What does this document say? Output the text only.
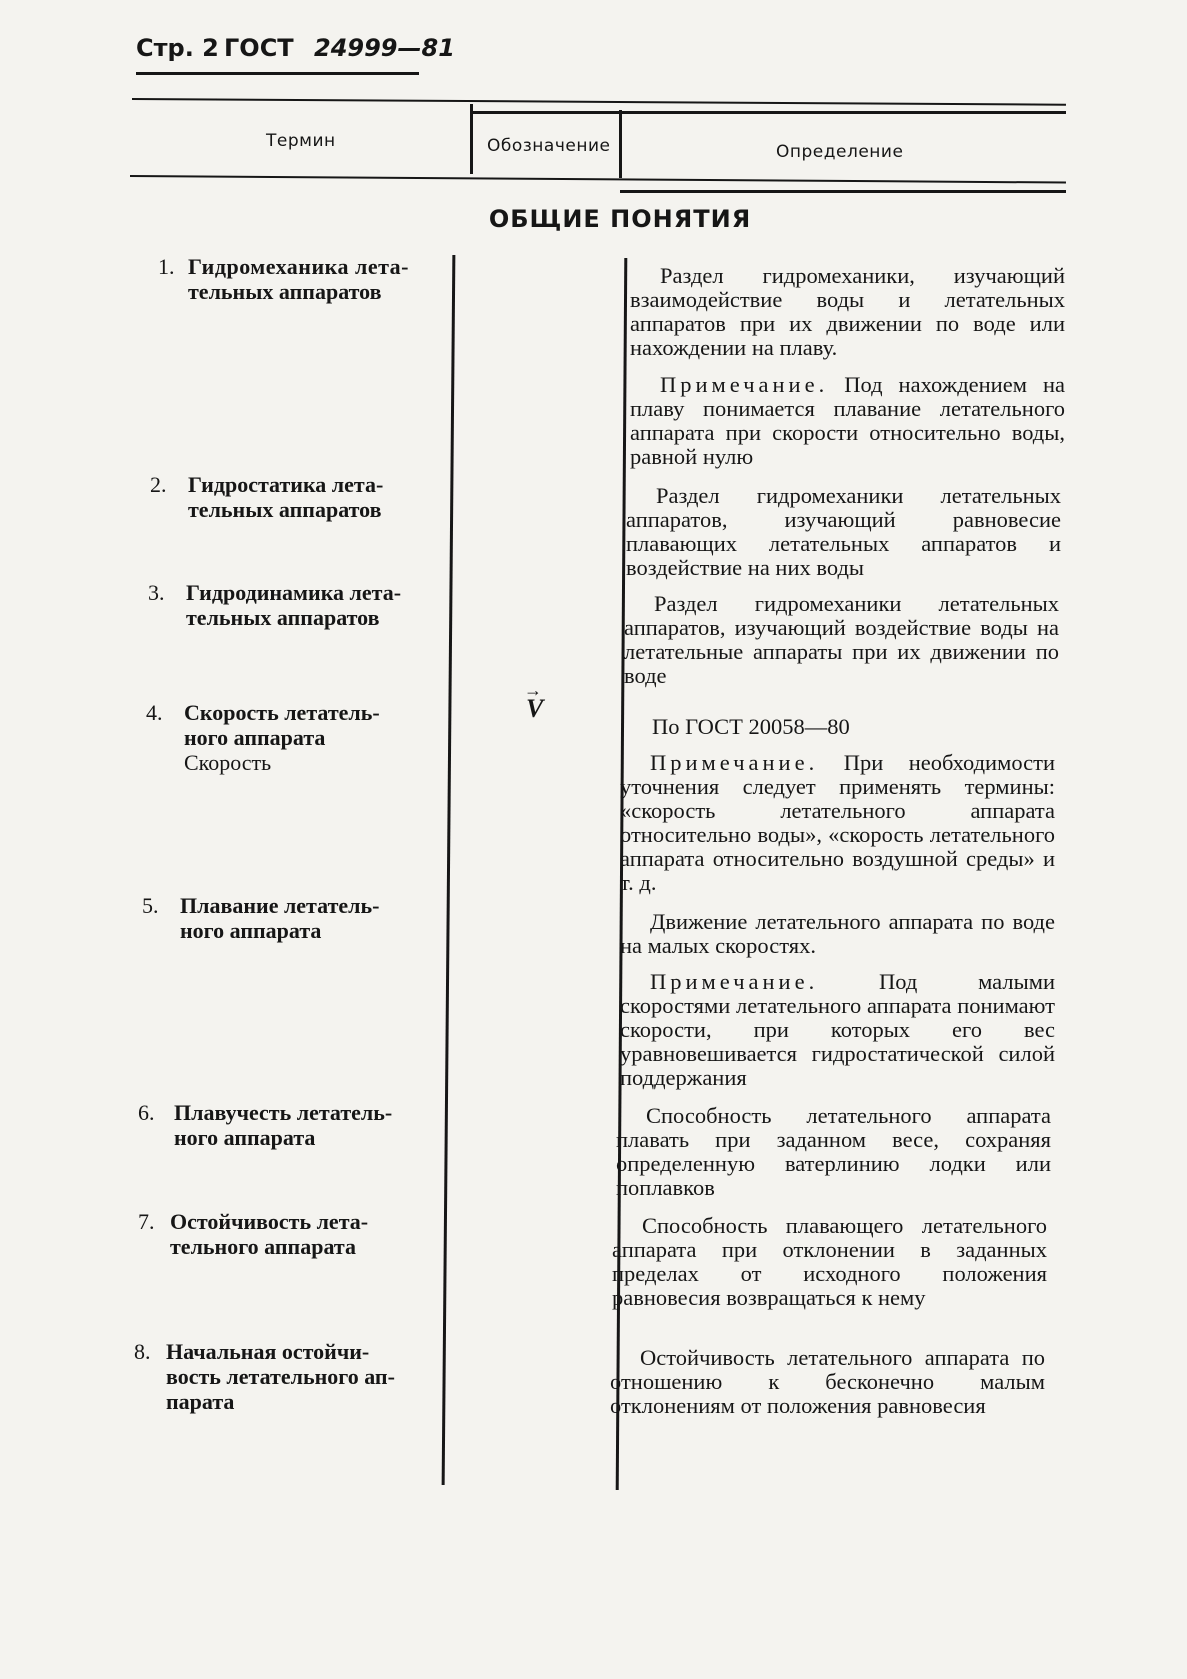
Стр. 2 ГОСТ 24999—81
Термин	Обозначение	Определение
ОБЩИЕ ПОНЯТИЯ
1. Гидромеханика лета-
тельных аппаратов
2. Гидростатика лета-
тельных аппаратов
3. Гидродинамика лета-
тельных аппаратов
4. Скорость летатель-
ного аппарата
Скорость
5. Плавание летатель-
ного аппарата
6. Плавучесть летатель-
ного аппарата
7. Остойчивость лета-
тельного аппарата
8. Начальная остойчи-
вость летательного ап-
парата
→
V
Раздел гидромеханики, изучающий взаимодействие воды и летательных аппаратов при их движении по воде или нахождении на плаву.
Примечание. Под нахождением на плаву понимается плавание летательного аппарата при скорости относительно воды, равной нулю
Раздел гидромеханики летательных аппаратов, изучающий равновесие плавающих летательных аппаратов и воздействие на них воды
Раздел гидромеханики летательных аппаратов, изучающий воздействие воды на летательные аппараты при их движении по воде
По ГОСТ 20058—80
Примечание. При необходимости уточнения следует применять термины: «скорость летательного аппарата относительно воды», «скорость летательного аппарата относительно воздушной среды» и т. д.
Движение летательного аппарата по воде на малых скоростях.
Примечание. Под малыми скоростями летательного аппарата понимают скорости, при которых его вес уравновешивается гидростатической силой поддержания
Способность летательного аппарата плавать при заданном весе, сохраняя определенную ватерлинию лодки или поплавков
Способность плавающего летательного аппарата при отклонении в заданных пределах от исходного положения равновесия возвращаться к нему
Остойчивость летательного аппарата по отношению к бесконечно малым отклонениям от положения равновесия
